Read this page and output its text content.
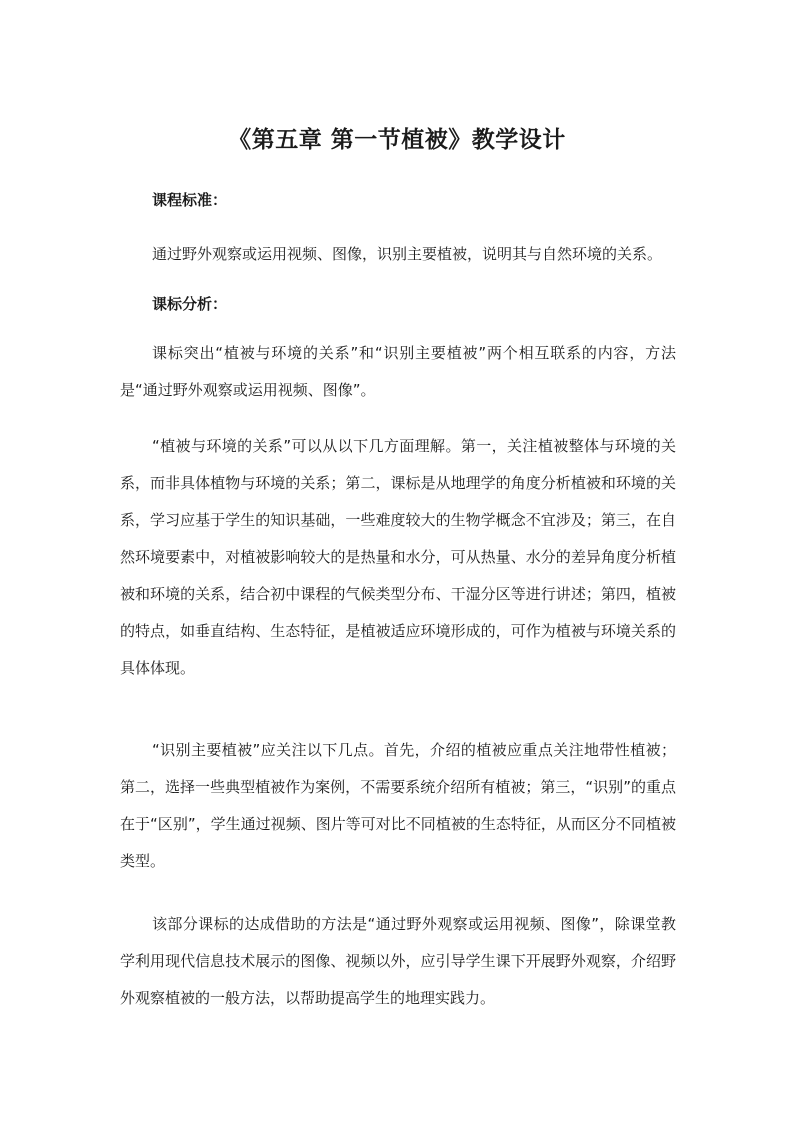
《第五章 第一节植被》教学设计
课程标准：

通过野外观察或运用视频、图像，识别主要植被，说明其与自然环境的关系。

课标分析：

课标突出“植被与环境的关系”和“识别主要植被”两个相互联系的内容，方法是“通过野外观察或运用视频、图像”。

“植被与环境的关系”可以从以下几方面理解。第一，关注植被整体与环境的关系，而非具体植物与环境的关系；第二，课标是从地理学的角度分析植被和环境的关系，学习应基于学生的知识基础，一些难度较大的生物学概念不宜涉及；第三，在自然环境要素中，对植被影响较大的是热量和水分，可从热量、水分的差异角度分析植被和环境的关系，结合初中课程的气候类型分布、干湿分区等进行讲述；第四，植被的特点，如垂直结构、生态特征，是植被适应环境形成的，可作为植被与环境关系的具体体现。

“识别主要植被”应关注以下几点。首先，介绍的植被应重点关注地带性植被；第二，选择一些典型植被作为案例，不需要系统介绍所有植被；第三，“识别”的重点在于“区别”，学生通过视频、图片等可对比不同植被的生态特征，从而区分不同植被类型。

该部分课标的达成借助的方法是“通过野外观察或运用视频、图像”，除课堂教学利用现代信息技术展示的图像、视频以外，应引导学生课下开展野外观察，介绍野外观察植被的一般方法，以帮助提高学生的地理实践力。
